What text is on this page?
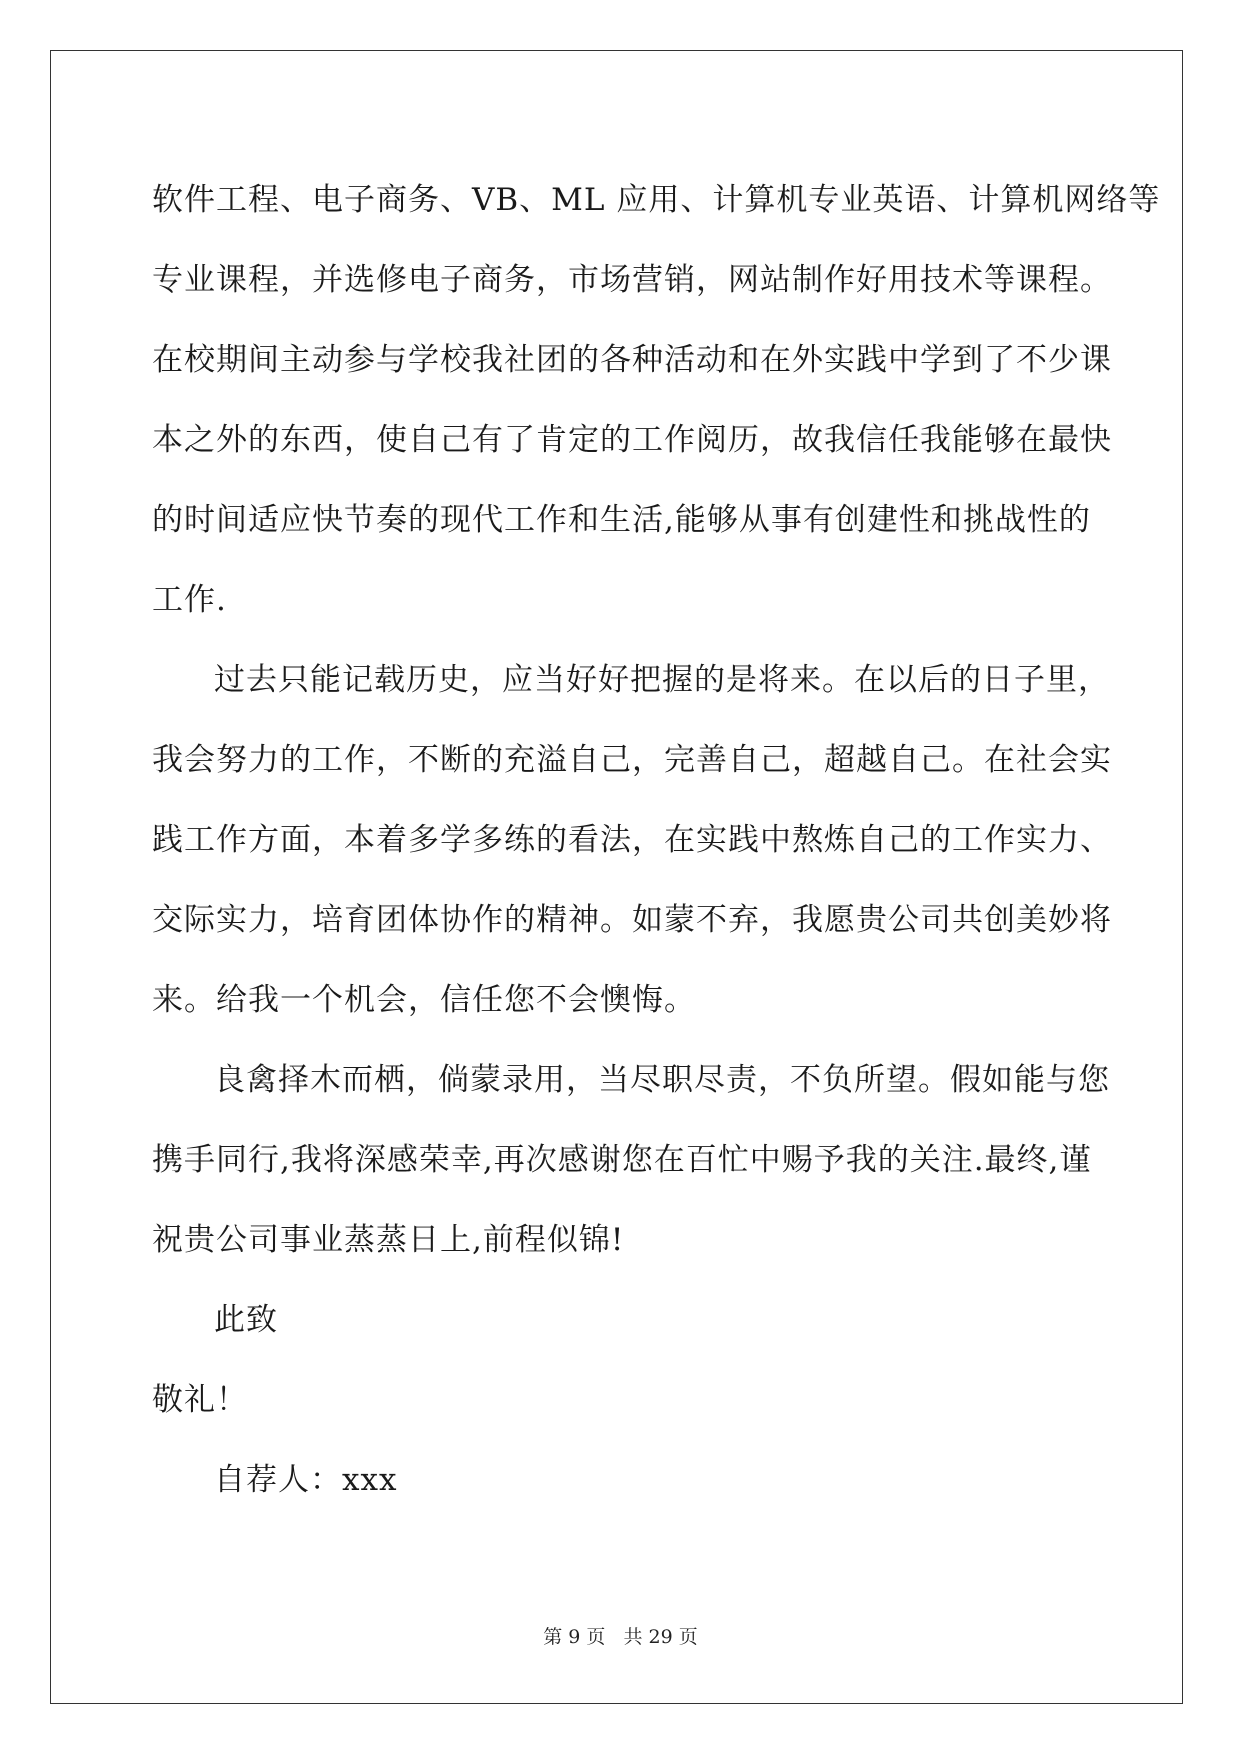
软件工程、电子商务、VB、ML 应用、计算机专业英语、计算机网络等
专业课程，并选修电子商务，市场营销，网站制作好用技术等课程。
在校期间主动参与学校我社团的各种活动和在外实践中学到了不少课
本之外的东西，使自己有了肯定的工作阅历，故我信任我能够在最快
的时间适应快节奏的现代工作和生活,能够从事有创建性和挑战性的
工作.
过去只能记载历史，应当好好把握的是将来。在以后的日子里，
我会努力的工作，不断的充溢自己，完善自己，超越自己。在社会实
践工作方面，本着多学多练的看法，在实践中熬炼自己的工作实力、
交际实力，培育团体协作的精神。如蒙不弃，我愿贵公司共创美妙将
来。给我一个机会，信任您不会懊悔。
良禽择木而栖，倘蒙录用，当尽职尽责，不负所望。假如能与您
携手同行,我将深感荣幸,再次感谢您在百忙中赐予我的关注.最终,谨
祝贵公司事业蒸蒸日上,前程似锦!
此致
敬礼！
自荐人：xxx
第 9 页 共 29 页
